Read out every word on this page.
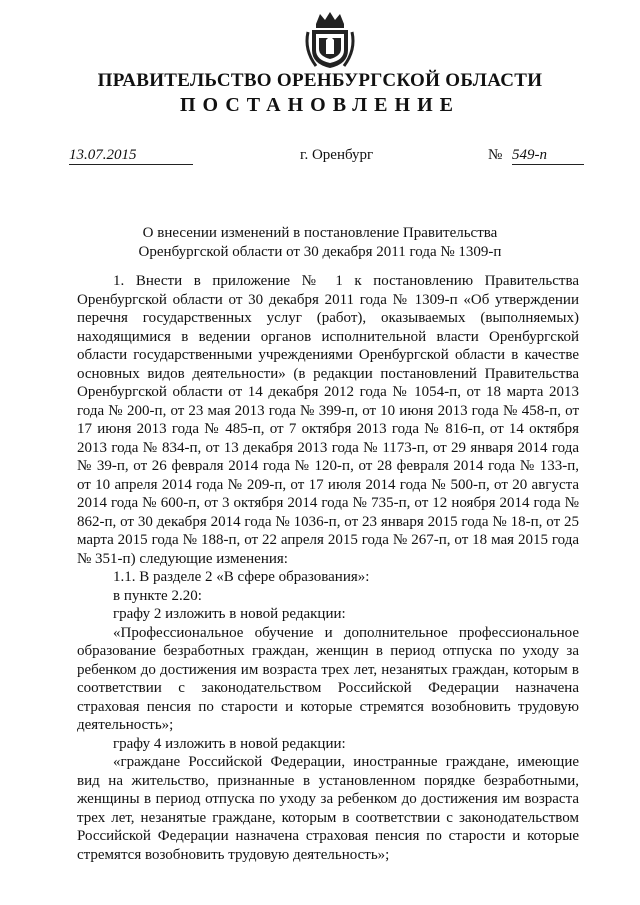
ПРАВИТЕЛЬСТВО ОРЕНБУРГСКОЙ ОБЛАСТИ
ПОСТАНОВЛЕНИЕ
13.07.2015	г. Оренбург	№ 549-п
О внесении изменений в постановление Правительства
Оренбургской области от 30 декабря 2011 года № 1309-п

1. Внести в приложение № 1 к постановлению Правительства Оренбургской области от 30 декабря 2011 года № 1309-п «Об утверждении перечня государственных услуг (работ), оказываемых (выполняемых) находящимися в ведении органов исполнительной власти Оренбургской области государственными учреждениями Оренбургской области в качестве основных видов деятельности» (в редакции постановлений Правительства Оренбургской области от 14 декабря 2012 года № 1054-п, от 18 марта 2013 года № 200-п, от 23 мая 2013 года № 399-п, от 10 июня 2013 года № 458-п, от 17 июня 2013 года № 485-п, от 7 октября 2013 года № 816-п, от 14 октября 2013 года № 834-п, от 13 декабря 2013 года № 1173-п, от 29 января 2014 года № 39-п, от 26 февраля 2014 года № 120-п, от 28 февраля 2014 года № 133-п, от 10 апреля 2014 года № 209-п, от 17 июля 2014 года № 500-п, от 20 августа 2014 года № 600-п, от 3 октября 2014 года № 735-п, от 12 ноября 2014 года № 862-п, от 30 декабря 2014 года № 1036-п, от 23 января 2015 года № 18-п, от 25 марта 2015 года № 188-п, от 22 апреля 2015 года № 267-п, от 18 мая 2015 года № 351-п) следующие изменения:

1.1. В разделе 2 «В сфере образования»:

в пункте 2.20:

графу 2 изложить в новой редакции:

«Профессиональное обучение и дополнительное профессиональное образование безработных граждан, женщин в период отпуска по уходу за ребенком до достижения им возраста трех лет, незанятых граждан, которым в соответствии с законодательством Российской Федерации назначена страховая пенсия по старости и которые стремятся возобновить трудовую деятельность»;

графу 4 изложить в новой редакции:

«граждане Российской Федерации, иностранные граждане, имеющие вид на жительство, признанные в установленном порядке безработными, женщины в период отпуска по уходу за ребенком до достижения им возраста трех лет, незанятые граждане, которым в соответствии с законодательством Российской Федерации назначена страховая пенсия по старости и которые стремятся возобновить трудовую деятельность»;
